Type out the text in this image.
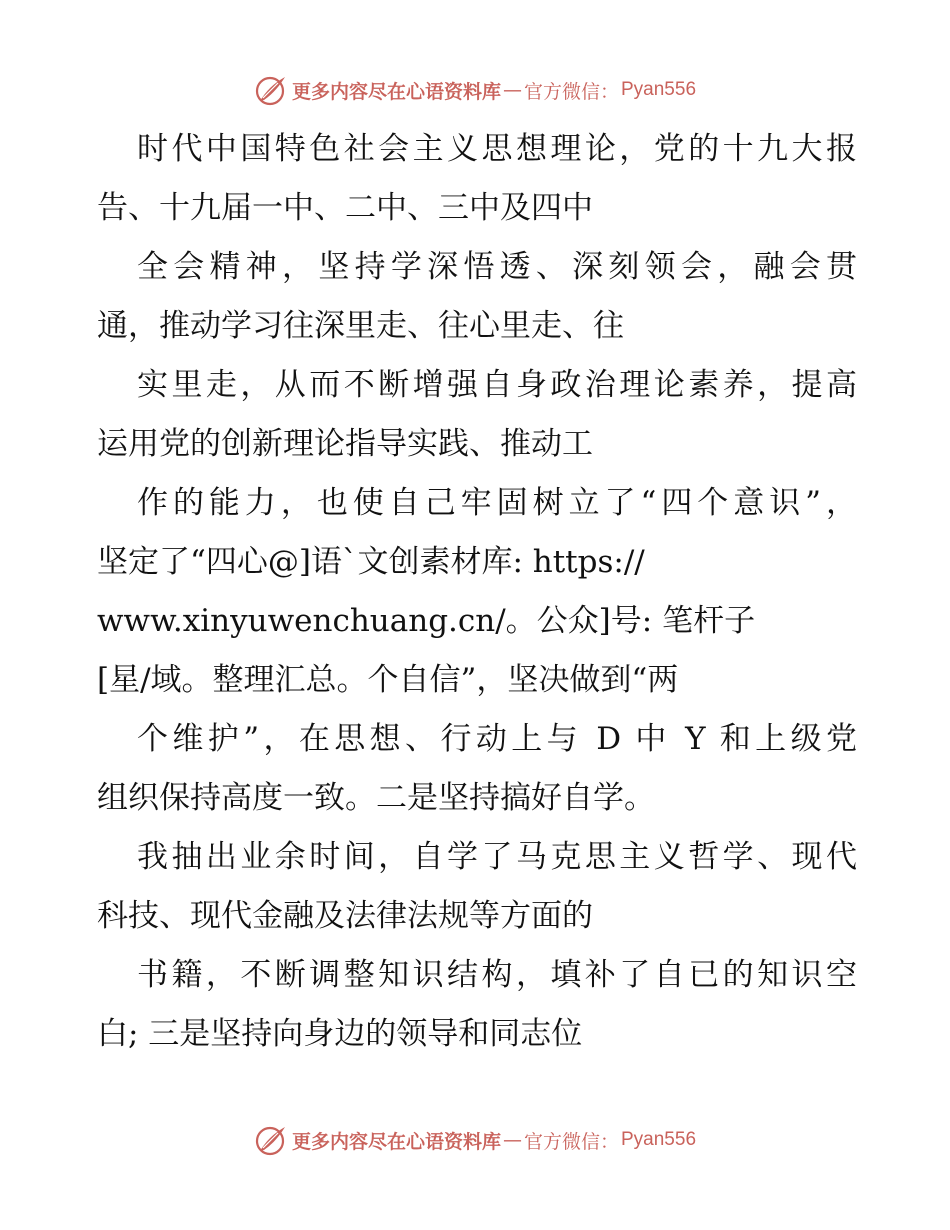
更多内容尽在心语资料库 — 官方微信： Pyan556
时代中国特色社会主义思想理论，党的十九大报
告、十九届一中、二中、三中及四中
全会精神，坚持学深悟透、深刻领会，融会贯
通，推动学习往深里走、往心里走、往
实里走，从而不断增强自身政治理论素养，提高
运用党的创新理论指导实践、推动工
作的能力，也使自己牢固树立了“四个意识”，
坚定了“四心@]语`文创素材库: https://
www.xinyuwenchuang.cn/。公众]号: 笔杆子
[星/域。整理汇总。个自信”，坚决做到“两
个维护”，在思想、行动上与 D 中 Y 和上级党
组织保持高度一致。二是坚持搞好自学。
我抽出业余时间，自学了马克思主义哲学、现代
科技、现代金融及法律法规等方面的
书籍，不断调整知识结构，填补了自已的知识空
白; 三是坚持向身边的领导和同志位
更多内容尽在心语资料库 — 官方微信： Pyan556
